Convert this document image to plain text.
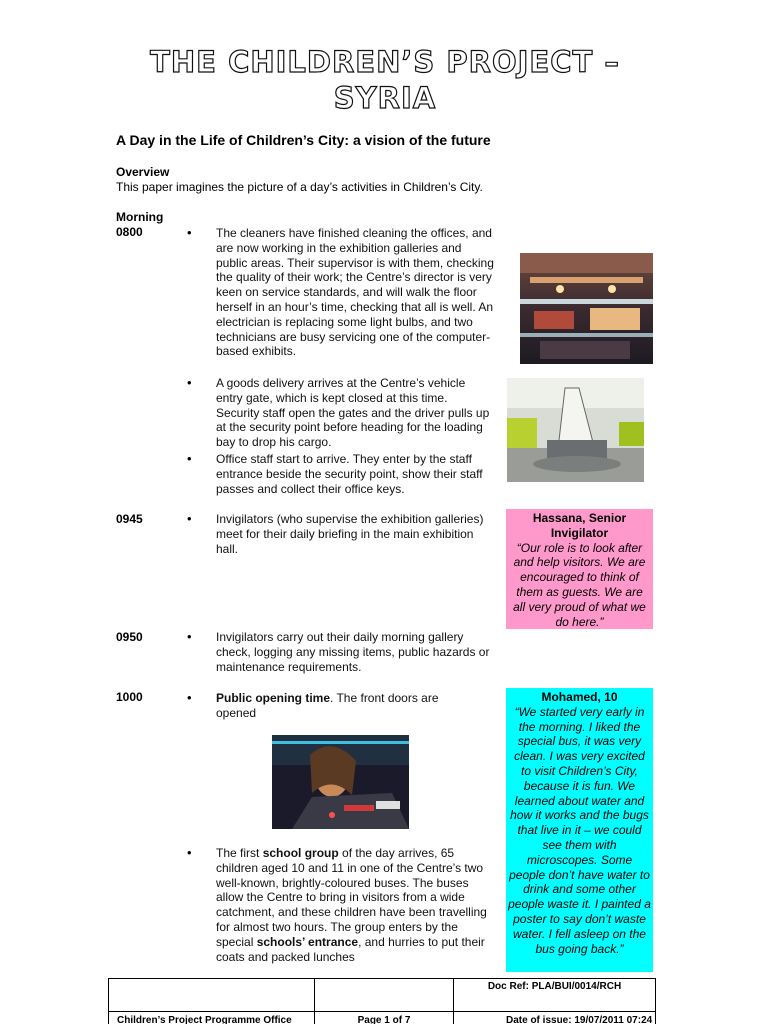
THE CHILDREN’S PROJECT – SYRIA
A Day in the Life of Children’s City: a vision of the future
Overview
This paper imagines the picture of a day’s activities in Children’s City.
Morning
0800	• The cleaners have finished cleaning the offices, and are now working in the exhibition galleries and public areas. Their supervisor is with them, checking the quality of their work; the Centre’s director is very keen on service standards, and will walk the floor herself in an hour’s time, checking that all is well. An electrician is replacing some light bulbs, and two technicians are busy servicing one of the computer-based exhibits.
• A goods delivery arrives at the Centre’s vehicle entry gate, which is kept closed at this time. Security staff open the gates and the driver pulls up at the security point before heading for the loading bay to drop his cargo.
• Office staff start to arrive. They enter by the staff entrance beside the security point, show their staff passes and collect their office keys.
0945	• Invigilators (who supervise the exhibition galleries) meet for their daily briefing in the main exhibition hall.
Hassana, Senior Invigilator
“Our role is to look after and help visitors. We are encouraged to think of them as guests. We are all very proud of what we do here.”
0950	• Invigilators carry out their daily morning gallery check, logging any missing items, public hazards or maintenance requirements.
1000	• Public opening time. The front doors are opened
• The first school group of the day arrives, 65 children aged 10 and 11 in one of the Centre’s two well-known, brightly-coloured buses. The buses allow the Centre to bring in visitors from a wide catchment, and these children have been travelling for almost two hours. The group enters by the special schools’ entrance, and hurries to put their coats and packed lunches
Mohamed, 10
“We started very early in the morning. I liked the special bus, it was very clean. I was very excited to visit Children’s City, because it is fun. We learned about water and how it works and the bugs that live in it – we could see them with microscopes. Some people don’t have water to drink and some other people waste it. I painted a poster to say don’t waste water. I fell asleep on the bus going back.”
Doc Ref: PLA/BUI/0014/RCH
Children’s Project Programme Office	Page 1 of 7	Date of issue: 19/07/2011 07:24
